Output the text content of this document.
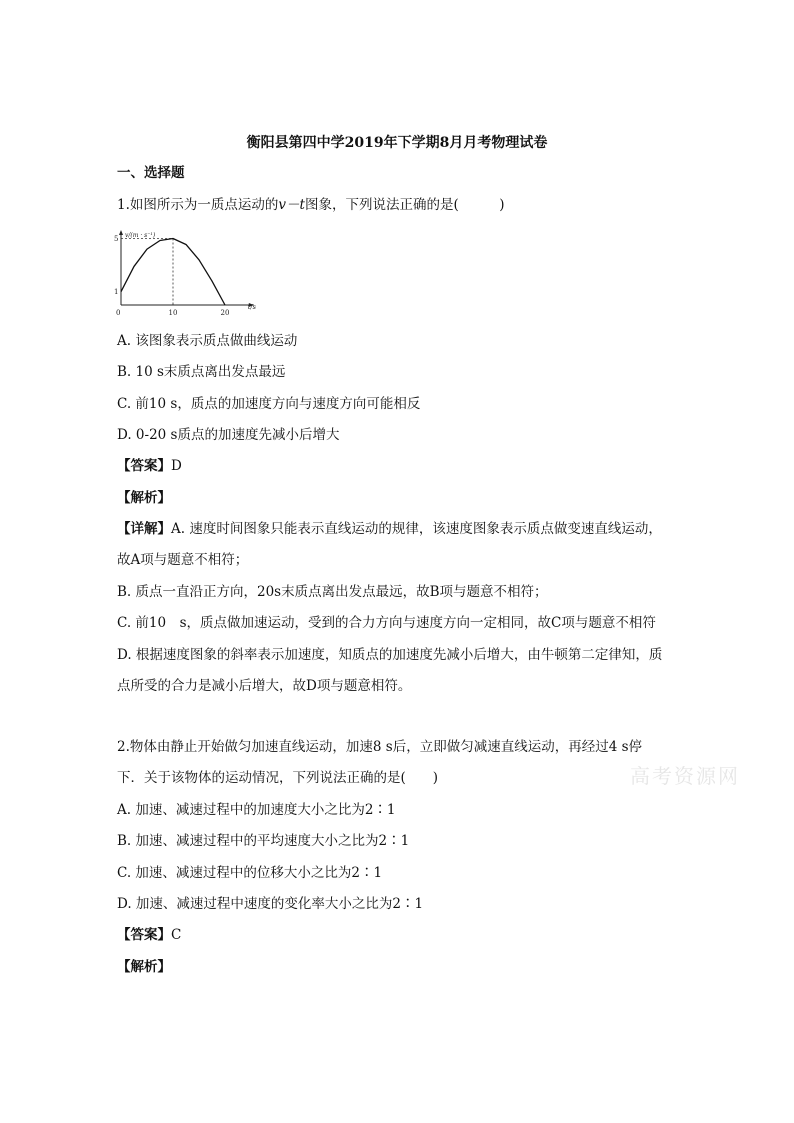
衡阳县第四中学2019年下学期8月月考物理试卷
一、选择题
1.如图所示为一质点运动的v－t图象，下列说法正确的是(　　　)
v/(m · s⁻¹)
t/s
5
1
0	10	20
A. 该图象表示质点做曲线运动
B. 10 s末质点离出发点最远
C. 前10 s，质点的加速度方向与速度方向可能相反
D. 0-20 s质点的加速度先减小后增大
【答案】D
【解析】
【详解】A. 速度时间图象只能表示直线运动的规律，该速度图象表示质点做变速直线运动，
故A项与题意不相符；
B. 质点一直沿正方向，20s末质点离出发点最远，故B项与题意不相符；
C. 前10　s，质点做加速运动，受到的合力方向与速度方向一定相同，故C项与题意不相符
D. 根据速度图象的斜率表示加速度，知质点的加速度先减小后增大，由牛顿第二定律知，质
点所受的合力是减小后增大，故D项与题意相符。
2.物体由静止开始做匀加速直线运动，加速8 s后，立即做匀减速直线运动，再经过4 s停
下．关于该物体的运动情况，下列说法正确的是(　　)
A. 加速、减速过程中的加速度大小之比为2∶1
B. 加速、减速过程中的平均速度大小之比为2∶1
C. 加速、减速过程中的位移大小之比为2∶1
D. 加速、减速过程中速度的变化率大小之比为2∶1
【答案】C
【解析】
高考资源网
